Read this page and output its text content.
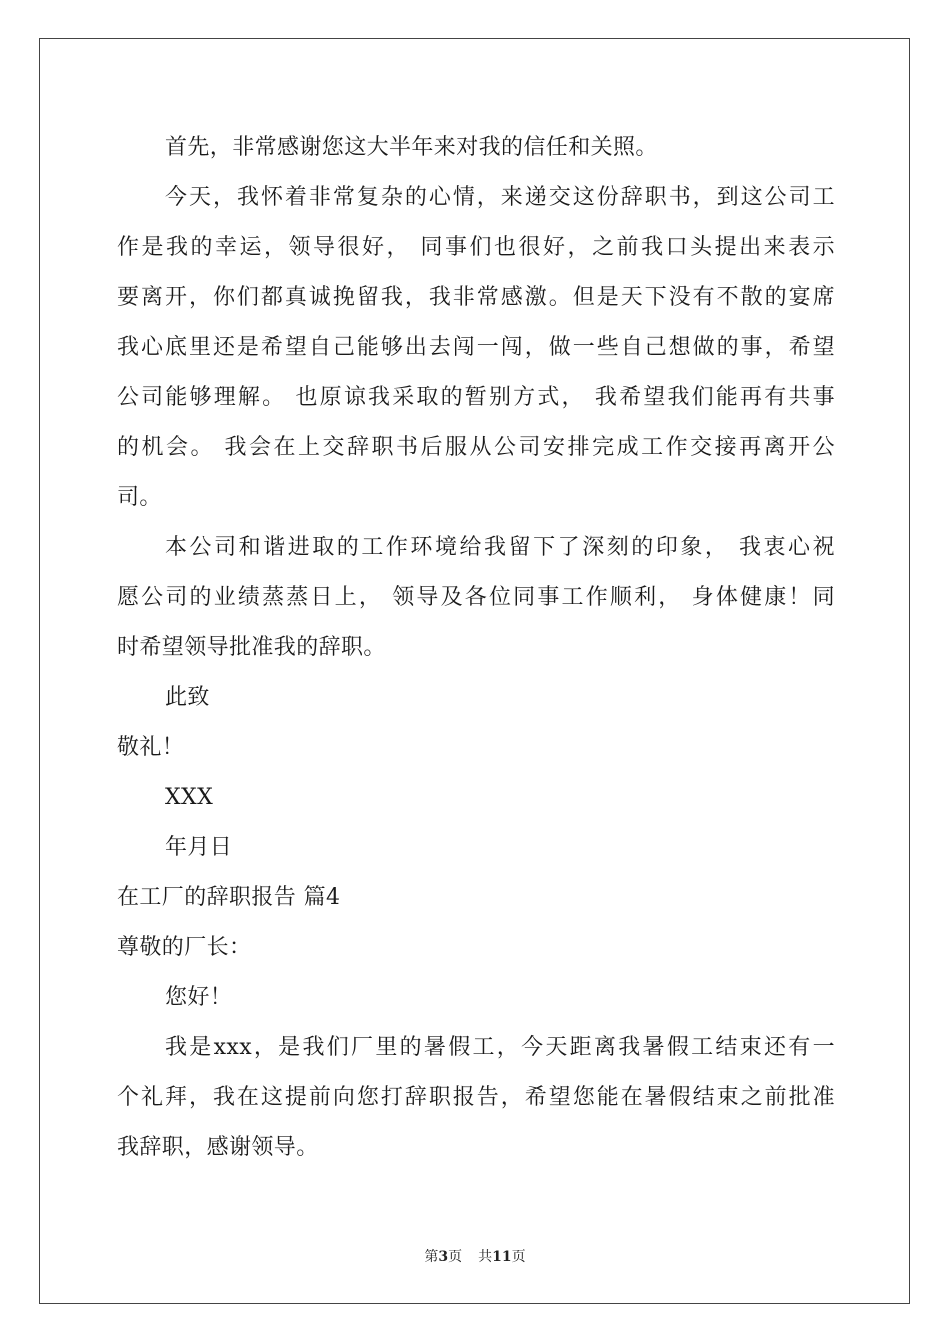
首先，非常感谢您这大半年来对我的信任和关照。
今天，我怀着非常复杂的心情，来递交这份辞职书，到这公司工
作是我的幸运，领导很好， 同事们也很好，之前我口头提出来表示
要离开，你们都真诚挽留我，我非常感激。但是天下没有不散的宴席
我心底里还是希望自己能够出去闯一闯，做一些自己想做的事，希望
公司能够理解。 也原谅我采取的暂别方式， 我希望我们能再有共事
的机会。 我会在上交辞职书后服从公司安排完成工作交接再离开公
司。
本公司和谐进取的工作环境给我留下了深刻的印象， 我衷心祝
愿公司的业绩蒸蒸日上， 领导及各位同事工作顺利， 身体健康！同
时希望领导批准我的辞职。
此致
敬礼！
XXX
年月日
在工厂的辞职报告 篇4
尊敬的厂长：
您好！
我是xxx，是我们厂里的暑假工，今天距离我暑假工结束还有一
个礼拜，我在这提前向您打辞职报告，希望您能在暑假结束之前批准
我辞职，感谢领导。
第3页 共11页
